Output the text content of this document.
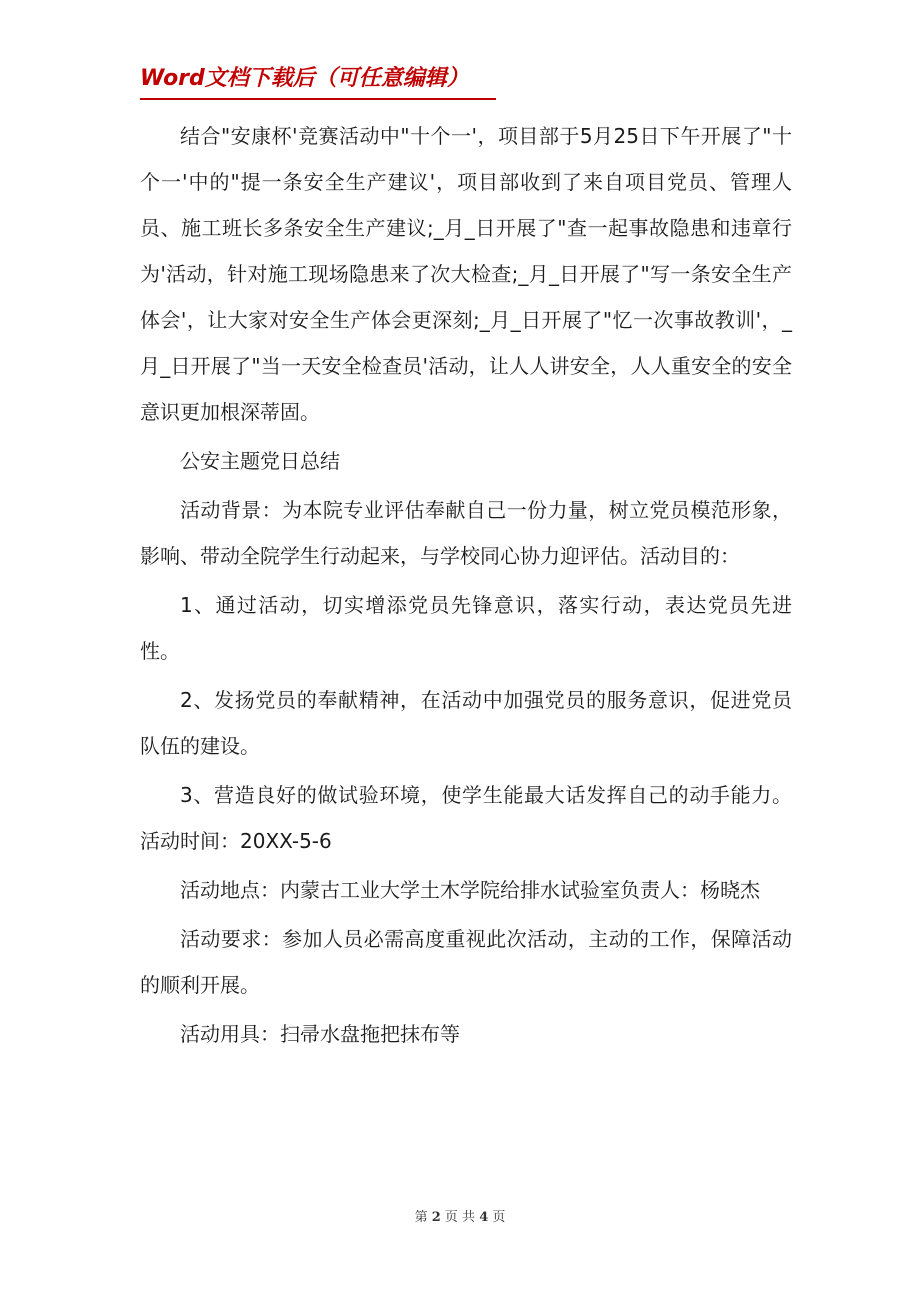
Word文档下载后（可任意编辑）

结合"安康杯'竞赛活动中"十个一'，项目部于5月25日下午开展了"十个一'中的"提一条安全生产建议'，项目部收到了来自项目党员、管理人员、施工班长多条安全生产建议;_月_日开展了"查一起事故隐患和违章行为'活动，针对施工现场隐患来了次大检查;_月_日开展了"写一条安全生产体会'，让大家对安全生产体会更深刻;_月_日开展了"忆一次事故教训'，_月_日开展了"当一天安全检查员'活动，让人人讲安全，人人重安全的安全意识更加根深蒂固。

公安主题党日总结

活动背景：为本院专业评估奉献自己一份力量，树立党员模范形象，影响、带动全院学生行动起来，与学校同心协力迎评估。活动目的：

1、通过活动，切实增添党员先锋意识，落实行动，表达党员先进性。

2、发扬党员的奉献精神，在活动中加强党员的服务意识，促进党员队伍的建设。

3、营造良好的做试验环境，使学生能最大话发挥自己的动手能力。活动时间：20XX-5-6

活动地点：内蒙古工业大学土木学院给排水试验室负责人：杨晓杰

活动要求：参加人员必需高度重视此次活动，主动的工作，保障活动的顺利开展。

活动用具：扫帚水盘拖把抹布等

第 2 页 共 4 页
